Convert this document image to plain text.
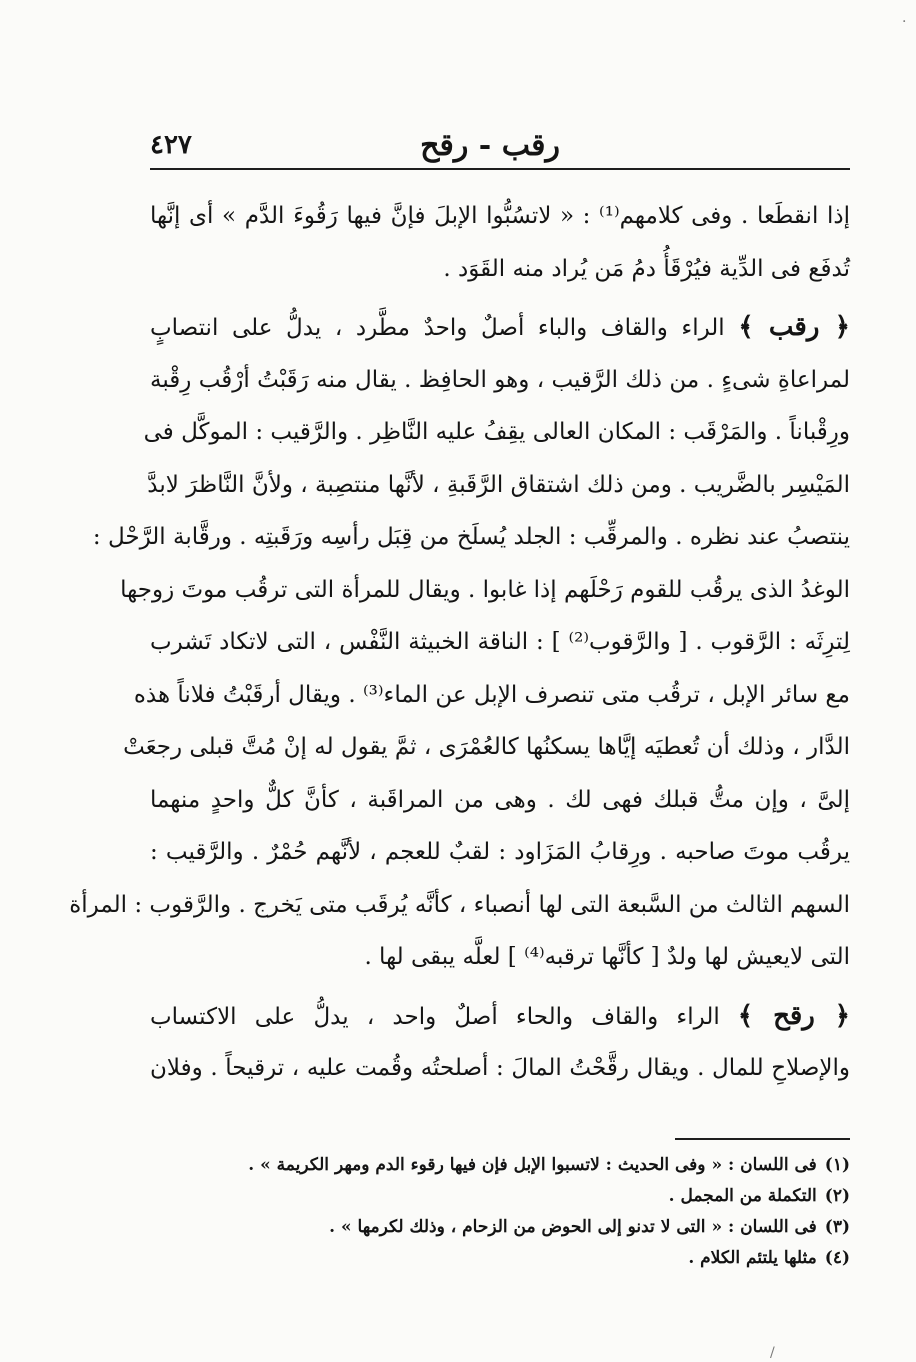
رقب - رقح
٤٢٧
إذا انقطَعا . وفى كلامهم⁽¹⁾ : « لاتسُبُّوا الإبلَ فإنَّ فيها رَقُوءَ الدَّم » أى إنَّها
تُدفَع فى الدِّية فيُرْقَأُ دمُ مَن يُراد منه القَوَد .
﴿ رقب ﴾ الراء والقاف والباء أصلٌ واحدٌ مطَّرد ، يدلُّ على انتصابٍ
لمراعاةِ شىءٍ . من ذلك الرَّقيب ، وهو الحافِظ . يقال منه رَقَبْتُ أرْقُب رِقْبة
ورِقْباناً . والمَرْقَب : المكان العالى يقِفُ عليه النَّاظِر . والرَّقيب : الموكَّل فى
المَيْسِر بالضَّريب . ومن ذلك اشتقاق الرَّقَبةِ ، لأنَّها منتصِبة ، ولأنَّ النَّاظرَ لابدَّ
ينتصبُ عند نظره . والمرقِّب : الجلد يُسلَخ من قِبَل رأسِه ورَقَبتِه . ورقَّابة الرَّحْل :
الوغدُ الذى يرقُب للقوم رَحْلَهم إذا غابوا . ويقال للمرأة التى ترقُب موتَ زوجها
لِترِثَه : الرَّقوب . [ والرَّقوب⁽²⁾ ] : الناقة الخبيثة النَّفْس ، التى لاتكاد تَشرب
مع سائر الإبل ، ترقُب متى تنصرف الإبل عن الماء⁽³⁾ . ويقال أرقَبْتُ فلاناً هذه
الدَّار ، وذلك أن تُعطيَه إيَّاها يسكنُها كالعُمْرَى ، ثمَّ يقول له إنْ مُتَّ قبلى رجعَتْ
إلىَّ ، وإن متُّ قبلك فهى لك . وهى من المراقَبة ، كأنَّ كلٌّ واحدٍ منهما
يرقُب موتَ صاحبه . ورِقابُ المَزَاود : لقبٌ للعجم ، لأنَّهم حُمْرٌ . والرَّقيب :
السهم الثالث من السَّبعة التى لها أنصباء ، كأنَّه يُرقَب متى يَخرج . والرَّقوب : المرأة
التى لايعيش لها ولدٌ [ كأنَّها ترقبه⁽⁴⁾ ] لعلَّه يبقى لها .
﴿ رقح ﴾ الراء والقاف والحاء أصلٌ واحد ، يدلُّ على الاكتساب
والإصلاحِ للمال . ويقال رقَّحْتُ المالَ : أصلحتُه وقُمت عليه ، ترقيحاً . وفلان
(١)فى اللسان : « وفى الحديث : لاتسبوا الإبل فإن فيها رقوء الدم ومهر الكريمة » .
(٢)التكملة من المجمل .
(٣)فى اللسان : « التى لا تدنو إلى الحوض من الزحام ، وذلك لكرمها » .
(٤)مثلها يلتئم الكلام .
·
/
